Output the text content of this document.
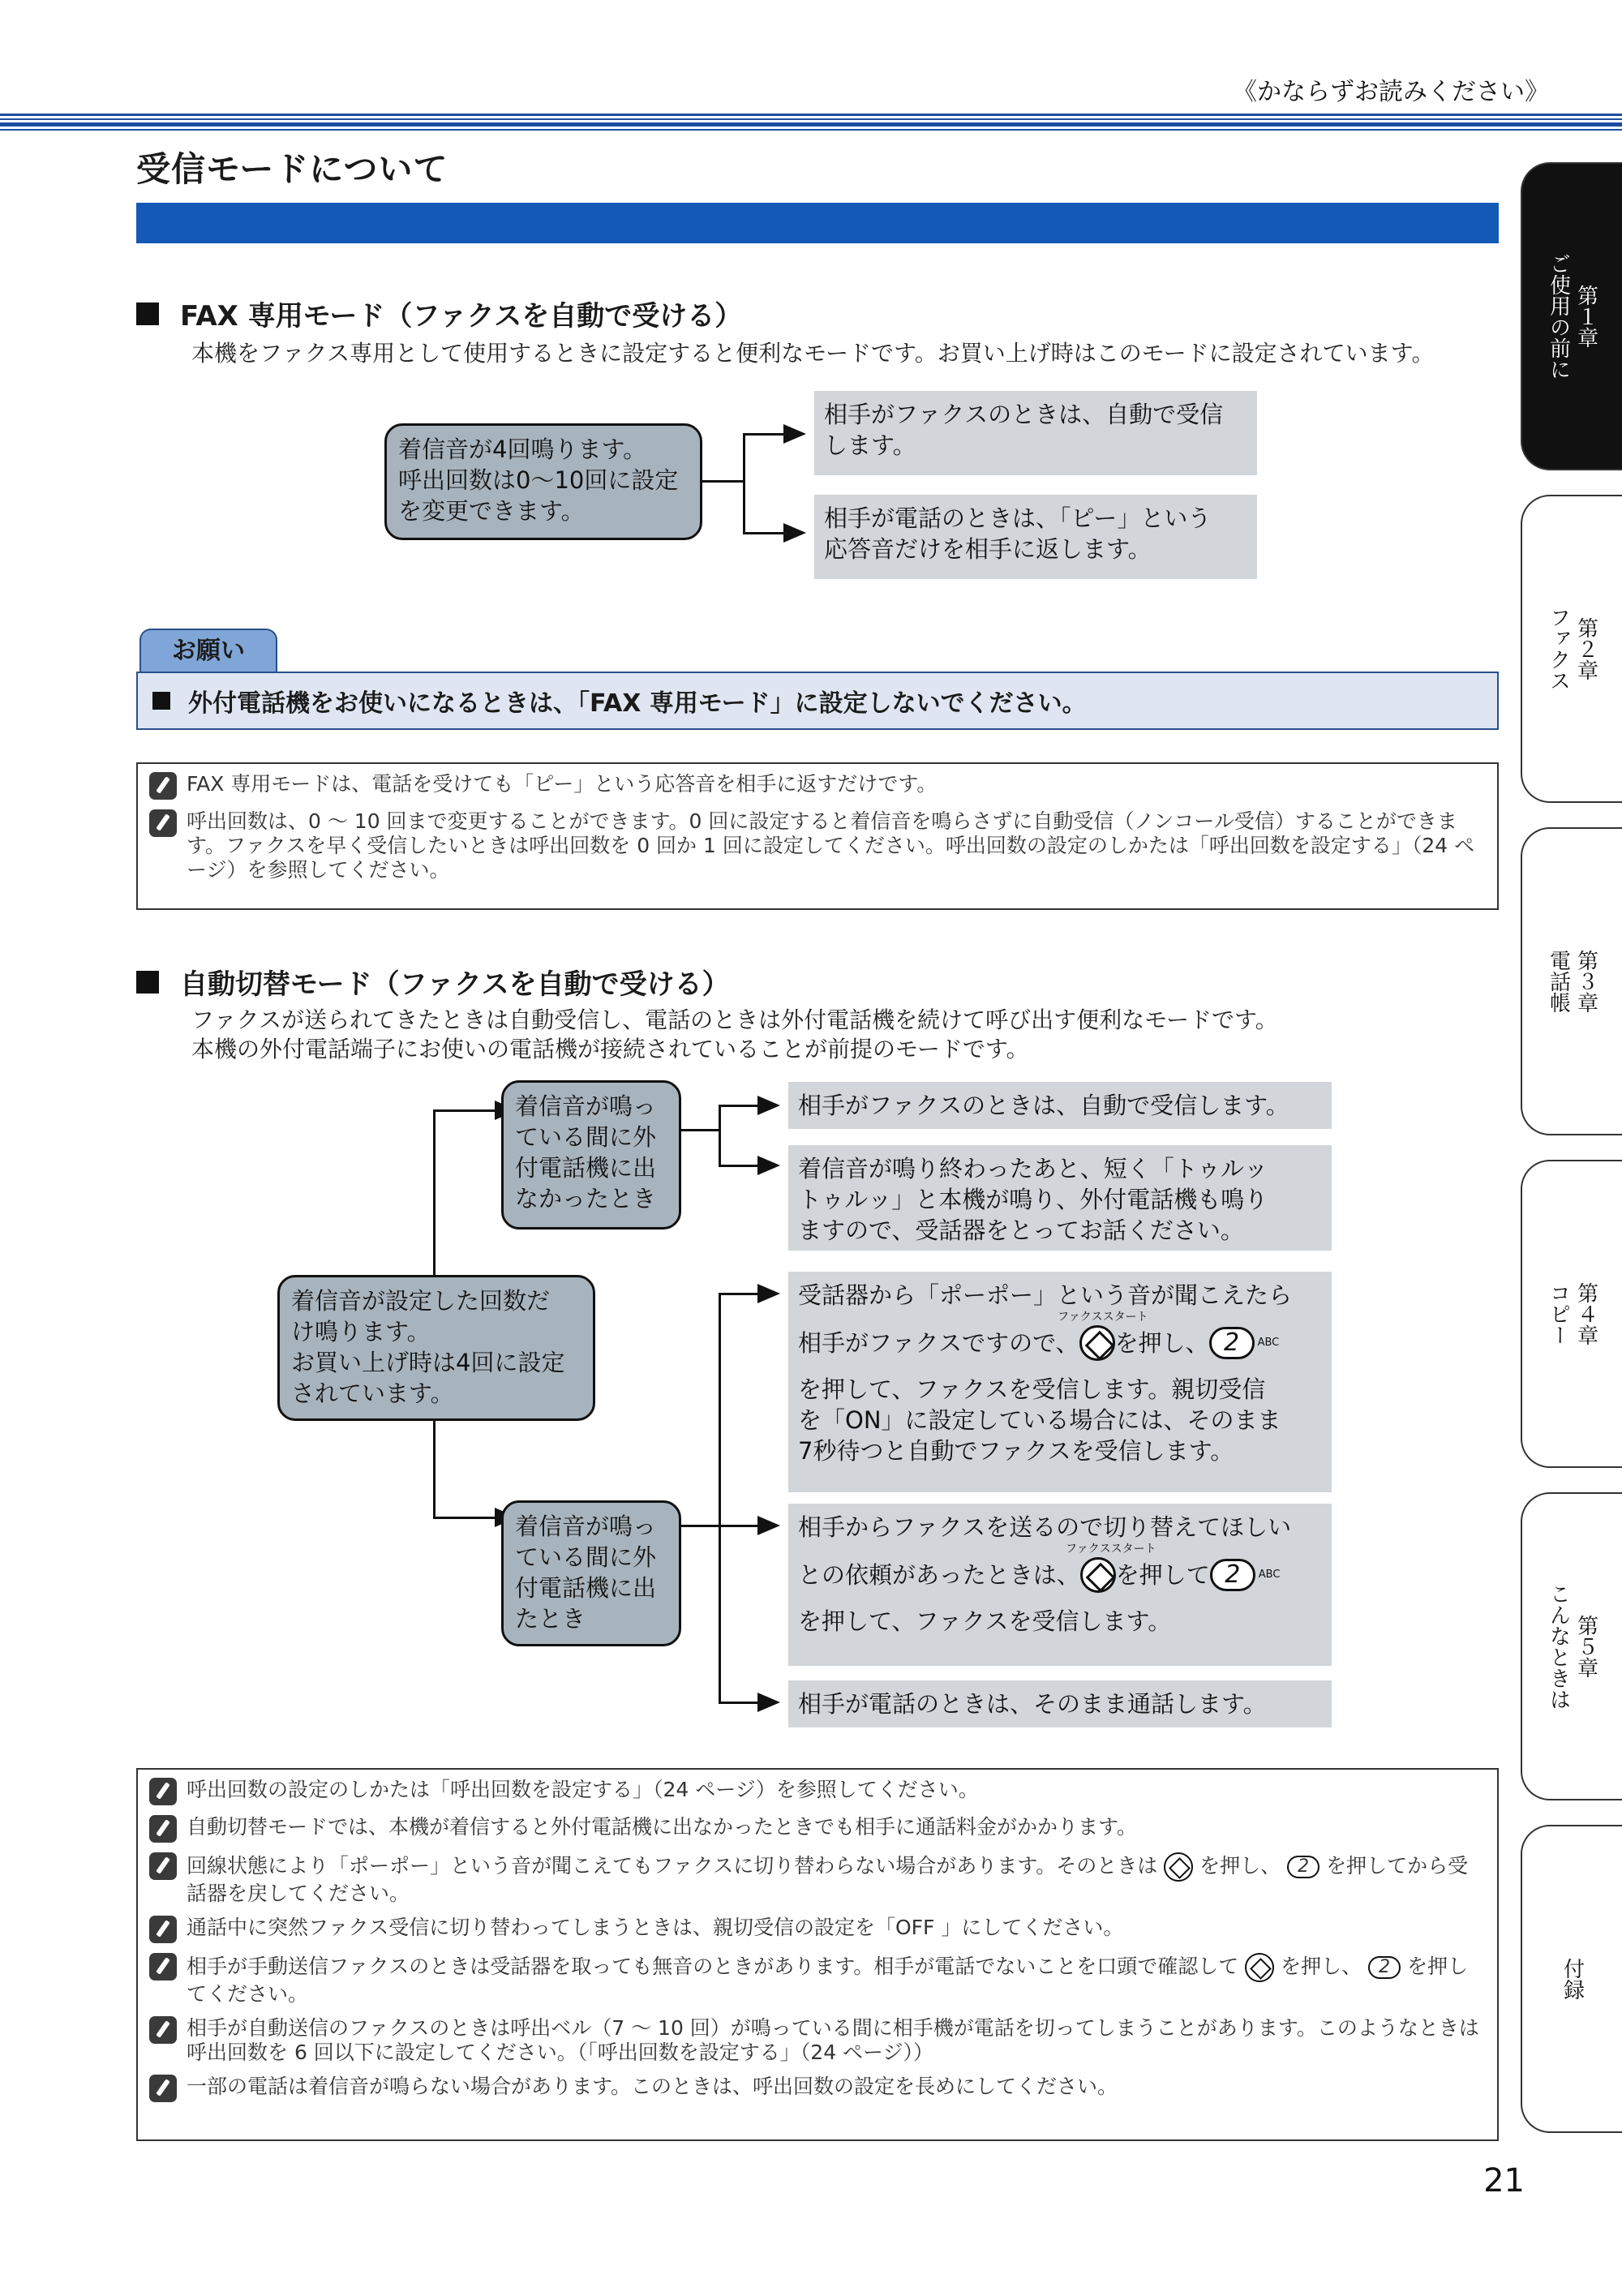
《かならずお読みください》
受信モードについて
FAX 専用モード（ファクスを自動で受ける）
本機をファクス専用として使用するときに設定すると便利なモードです。お買い上げ時はこのモードに設定されています。
着信音が4回鳴ります。
呼出回数は0〜10回に設定
を変更できます。
相手がファクスのときは、自動で受信
します。
相手が電話のときは、「ピー」という
応答音だけを相手に返します。
お願い
外付電話機をお使いになるときは、「FAX 専用モード」に設定しないでください。
FAX 専用モードは、電話を受けても「ピー」という応答音を相手に返すだけです。
呼出回数は、0 〜 10 回まで変更することができます。0 回に設定すると着信音を鳴らさずに自動受信（ノンコール受信）することができます。ファクスを早く受信したいときは呼出回数を 0 回か 1 回に設定してください。呼出回数の設定のしかたは「呼出回数を設定する」（24 ページ）を参照してください。
自動切替モード（ファクスを自動で受ける）
ファクスが送られてきたときは自動受信し、電話のときは外付電話機を続けて呼び出す便利なモードです。
本機の外付電話端子にお使いの電話機が接続されていることが前提のモードです。
着信音が設定した回数だ
け鳴ります。
お買い上げ時は4回に設定
されています。
着信音が鳴っ
ている間に外
付電話機に出
なかったとき
相手がファクスのときは、自動で受信します。
着信音が鳴り終わったあと、短く「トゥルッ
トゥルッ」と本機が鳴り、外付電話機も鳴り
ますので、受話器をとってお話ください。
着信音が鳴っ
ている間に外
付電話機に出
たとき
受話器から「ポーポー」という音が聞こえたら
ファクススタート
相手がファクスですので、 を押し、 2	ABC
を押して、ファクスを受信します。親切受信
を「ON」に設定している場合には、そのまま
7秒待つと自動でファクスを受信します。
相手からファクスを送るので切り替えてほしい
ファクススタート
との依頼があったときは、 を押して 2	ABC
を押して、ファクスを受信します。
相手が電話のときは、そのまま通話します。
呼出回数の設定のしかたは「呼出回数を設定する」（24 ページ）を参照してください。
自動切替モードでは、本機が着信すると外付電話機に出なかったときでも相手に通話料金がかかります。
回線状態により「ポーポー」という音が聞こえてもファクスに切り替わらない場合があります。そのときは を押し、 2 を押してから受話器を戻してください。
通話中に突然ファクス受信に切り替わってしまうときは、親切受信の設定を「OFF 」にしてください。
相手が手動送信ファクスのときは受話器を取っても無音のときがあります。相手が電話でないことを口頭で確認して を押し、 2 を押してください。
相手が自動送信のファクスのときは呼出ベル（7 〜 10 回）が鳴っている間に相手機が電話を切ってしまうことがあります。このようなときは呼出回数を 6 回以下に設定してください。（「呼出回数を設定する」（24 ページ））
一部の電話は着信音が鳴らない場合があります。このときは、呼出回数の設定を長めにしてください。
第１章
ご使用の前に
第２章
ファクス
第３章
電話帳
第４章
コピー
第５章
こんなときは
付録
21
